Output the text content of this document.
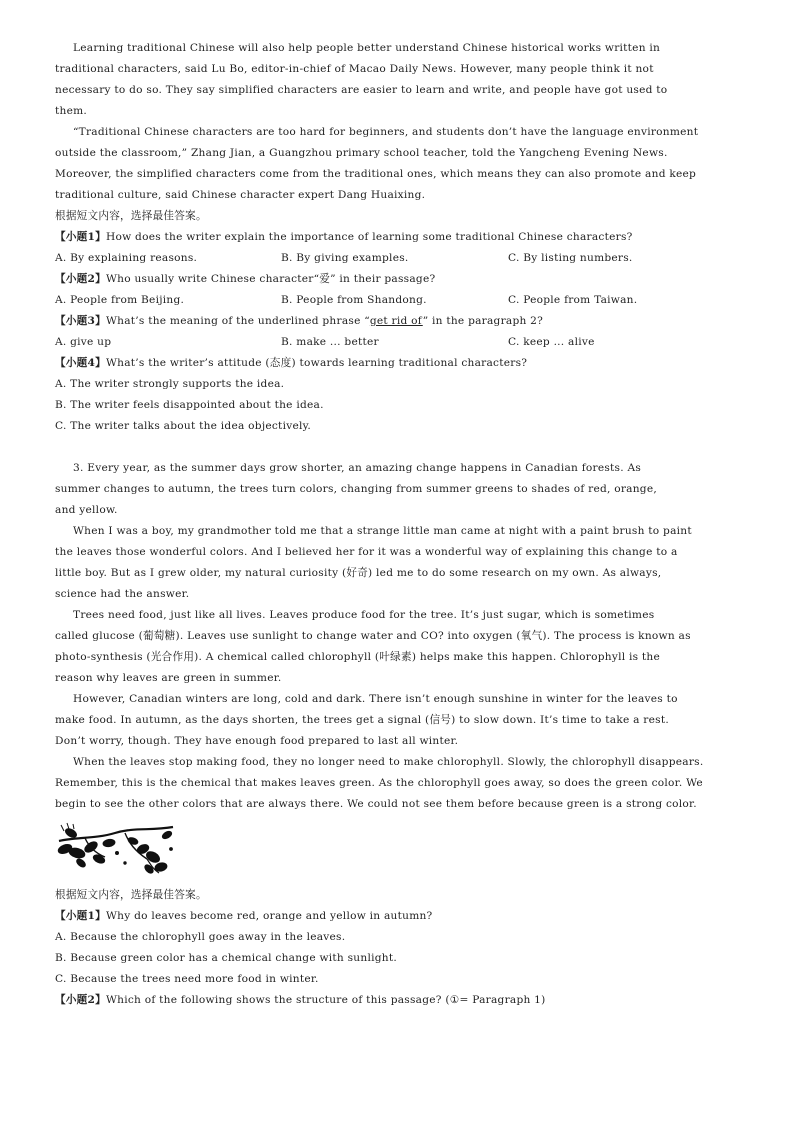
Learning traditional Chinese will also help people better understand Chinese historical works written in
traditional characters, said Lu Bo, editor-in-chief of Macao Daily News. However, many people think it not
necessary to do so. They say simplified characters are easier to learn and write, and people have got used to
them.
“Traditional Chinese characters are too hard for beginners, and students don’t have the language environment
outside the classroom,” Zhang Jian, a Guangzhou primary school teacher, told the Yangcheng Evening News.
Moreover, the simplified characters come from the traditional ones, which means they can also promote and keep
traditional culture, said Chinese character expert Dang Huaixing.
根据短文内容，选择最佳答案。
【小题1】How does the writer explain the importance of learning some traditional Chinese characters?
A. By explaining reasons.	B. By giving examples.	C. By listing numbers.
【小题2】Who usually write Chinese character“爱” in their passage?
A. People from Beijing.	B. People from Shandong.	C. People from Taiwan.
【小题3】What’s the meaning of the underlined phrase “get rid of” in the paragraph 2?
A. give up	B. make ... better	C. keep ... alive
【小题4】What’s the writer’s attitude (态度) towards learning traditional characters?
A. The writer strongly supports the idea.
B. The writer feels disappointed about the idea.
C. The writer talks about the idea objectively.
3. Every year, as the summer days grow shorter, an amazing change happens in Canadian forests. As
summer changes to autumn, the trees turn colors, changing from summer greens to shades of red, orange,
and yellow.
When I was a boy, my grandmother told me that a strange little man came at night with a paint brush to paint
the leaves those wonderful colors. And I believed her for it was a wonderful way of explaining this change to a
little boy. But as I grew older, my natural curiosity (好奇) led me to do some research on my own. As always,
science had the answer.
Trees need food, just like all lives. Leaves produce food for the tree. It’s just sugar, which is sometimes
called glucose (葡萄糖). Leaves use sunlight to change water and CO? into oxygen (氧气). The process is known as
photo-synthesis (光合作用). A chemical called chlorophyll (叶绿素) helps make this happen. Chlorophyll is the
reason why leaves are green in summer.
However, Canadian winters are long, cold and dark. There isn’t enough sunshine in winter for the leaves to
make food. In autumn, as the days shorten, the trees get a signal (信号) to slow down. It’s time to take a rest.
Don’t worry, though. They have enough food prepared to last all winter.
When the leaves stop making food, they no longer need to make chlorophyll. Slowly, the chlorophyll disappears.
Remember, this is the chemical that makes leaves green. As the chlorophyll goes away, so does the green color. We
begin to see the other colors that are always there. We could not see them before because green is a strong color.
根据短文内容，选择最佳答案。
【小题1】Why do leaves become red, orange and yellow in autumn?
A. Because the chlorophyll goes away in the leaves.
B. Because green color has a chemical change with sunlight.
C. Because the trees need more food in winter.
【小题2】Which of the following shows the structure of this passage? (①= Paragraph 1)
